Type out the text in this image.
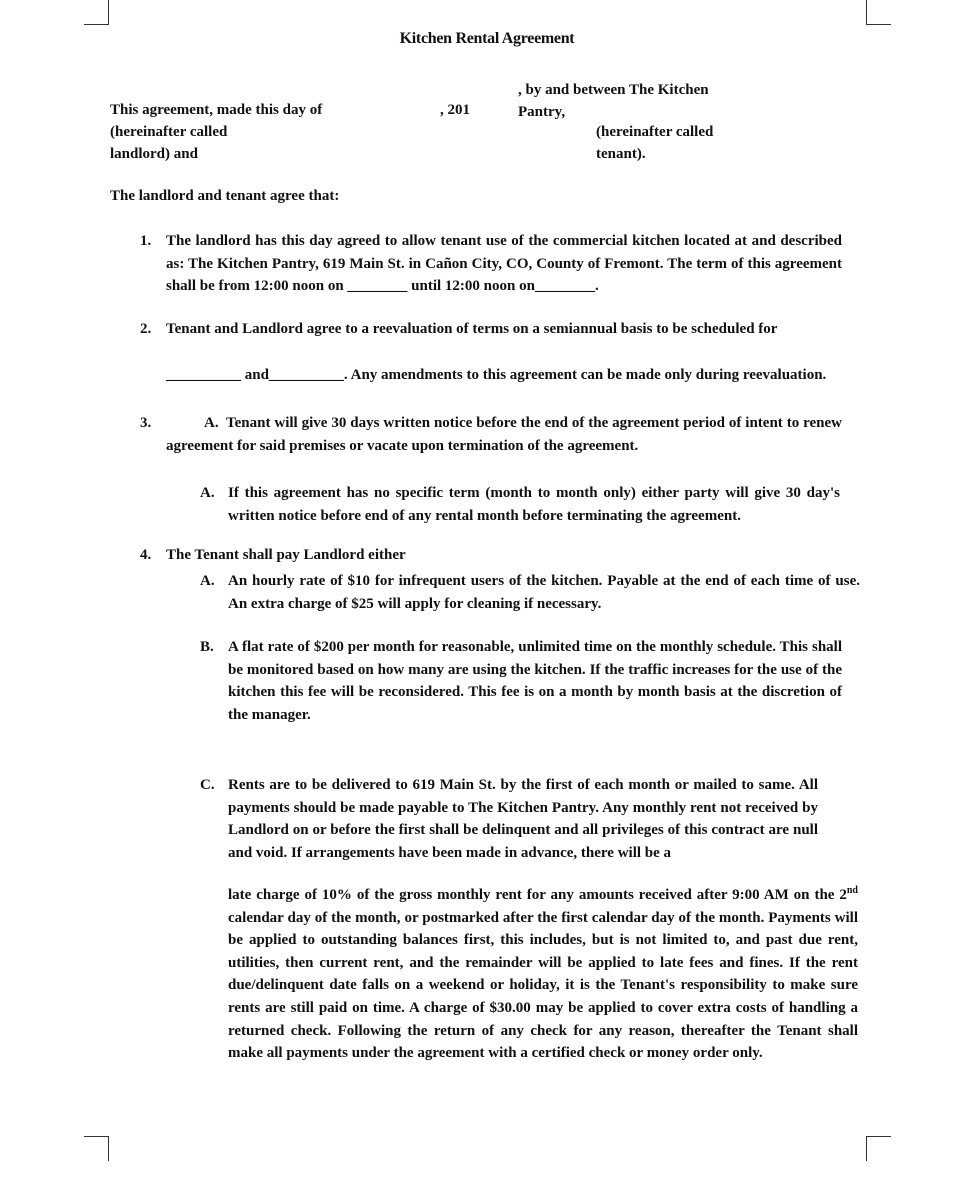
Kitchen Rental Agreement
This agreement, made this day of	, 201
(hereinafter called
landlord) and
, by and between The Kitchen
Pantry,
(hereinafter called
tenant).
The landlord and tenant agree that:
1. The landlord has this day agreed to allow tenant use of the commercial kitchen located at and described as: The Kitchen Pantry, 619 Main St. in Cañon City, CO, County of Fremont. The term of this agreement shall be from 12:00 noon on ________ until 12:00 noon on________.
2. Tenant and Landlord agree to a reevaluation of terms on a semiannual basis to be scheduled for
__________ and__________. Any amendments to this agreement can be made only during reevaluation.
3.	A. Tenant will give 30 days written notice before the end of the agreement period of intent to renew agreement for said premises or vacate upon termination of the agreement.
A. If this agreement has no specific term (month to month only) either party will give 30 day's written notice before end of any rental month before terminating the agreement.
4. The Tenant shall pay Landlord either
A. An hourly rate of $10 for infrequent users of the kitchen. Payable at the end of each time of use. An extra charge of $25 will apply for cleaning if necessary.
B. A flat rate of $200 per month for reasonable, unlimited time on the monthly schedule. This shall be monitored based on how many are using the kitchen. If the traffic increases for the use of the kitchen this fee will be reconsidered. This fee is on a month by month basis at the discretion of the manager.
C. Rents are to be delivered to 619 Main St. by the first of each month or mailed to same. All payments should be made payable to The Kitchen Pantry. Any monthly rent not received by Landlord on or before the first shall be delinquent and all privileges of this contract are null and void. If arrangements have been made in advance, there will be a
late charge of 10% of the gross monthly rent for any amounts received after 9:00 AM on the 2nd calendar day of the month, or postmarked after the first calendar day of the month. Payments will be applied to outstanding balances first, this includes, but is not limited to, and past due rent, utilities, then current rent, and the remainder will be applied to late fees and fines. If the rent due/delinquent date falls on a weekend or holiday, it is the Tenant's responsibility to make sure rents are still paid on time. A charge of $30.00 may be applied to cover extra costs of handling a returned check. Following the return of any check for any reason, thereafter the Tenant shall make all payments under the agreement with a certified check or money order only.
